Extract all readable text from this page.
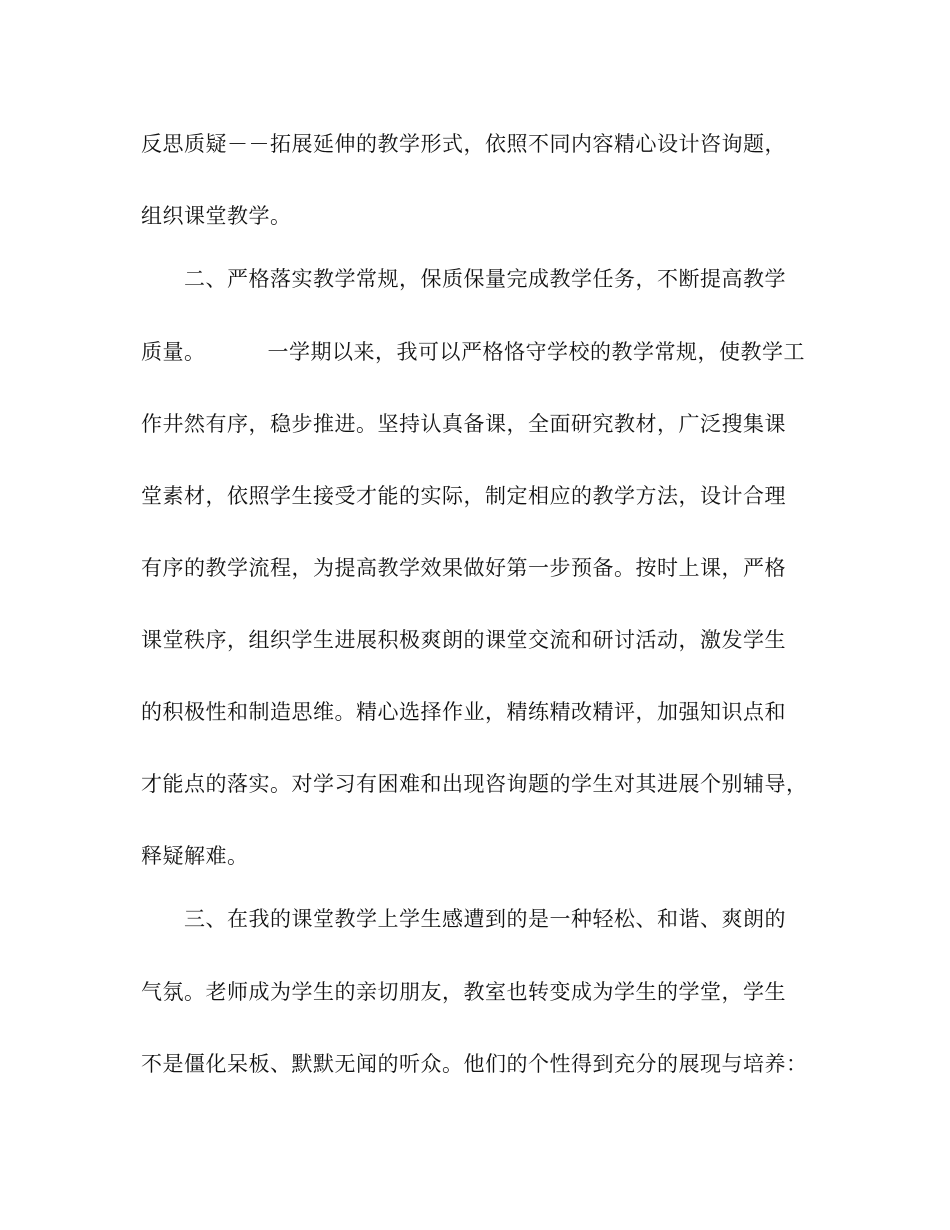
反思质疑－－拓展延伸的教学形式，依照不同内容精心设计咨询题，
组织课堂教学。
二、严格落实教学常规，保质保量完成教学任务，不断提高教学
质量。	一学期以来，我可以严格恪守学校的教学常规，使教学工
作井然有序，稳步推进。坚持认真备课，全面研究教材，广泛搜集课
堂素材，依照学生接受才能的实际，制定相应的教学方法，设计合理
有序的教学流程，为提高教学效果做好第一步预备。按时上课，严格
课堂秩序，组织学生进展积极爽朗的课堂交流和研讨活动，激发学生
的积极性和制造思维。精心选择作业，精练精改精评，加强知识点和
才能点的落实。对学习有困难和出现咨询题的学生对其进展个别辅导，
释疑解难。
三、在我的课堂教学上学生感遭到的是一种轻松、和谐、爽朗的
气氛。老师成为学生的亲切朋友，教室也转变成为学生的学堂，学生
不是僵化呆板、默默无闻的听众。他们的个性得到充分的展现与培养：
